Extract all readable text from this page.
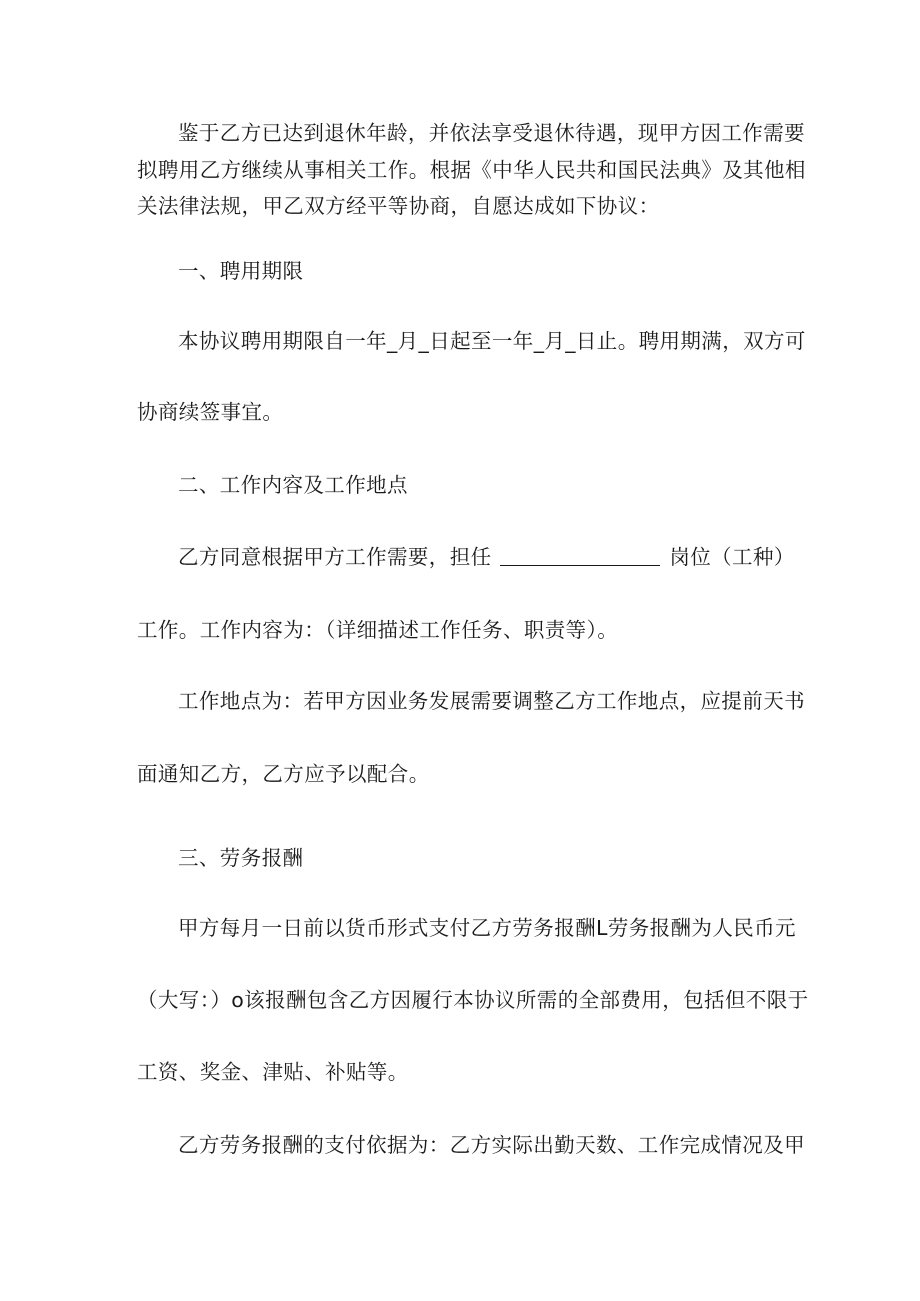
鉴于乙方已达到退休年龄，并依法享受退休待遇，现甲方因工作需要
拟聘用乙方继续从事相关工作。根据《中华人民共和国民法典》及其他相
关法律法规，甲乙双方经平等协商，自愿达成如下协议：
一、聘用期限
本协议聘用期限自一年_月_日起至一年_月_日止。聘用期满，双方可
协商续签事宜。
二、工作内容及工作地点
乙方同意根据甲方工作需要，担任	岗位（工种）
工作。工作内容为：（详细描述工作任务、职责等）。
工作地点为：若甲方因业务发展需要调整乙方工作地点，应提前天书
面通知乙方，乙方应予以配合。
三、劳务报酬
甲方每月一日前以货币形式支付乙方劳务报酬L劳务报酬为人民币元
（大写：）o该报酬包含乙方因履行本协议所需的全部费用，包括但不限于
工资、奖金、津贴、补贴等。
乙方劳务报酬的支付依据为：乙方实际出勤天数、工作完成情况及甲
